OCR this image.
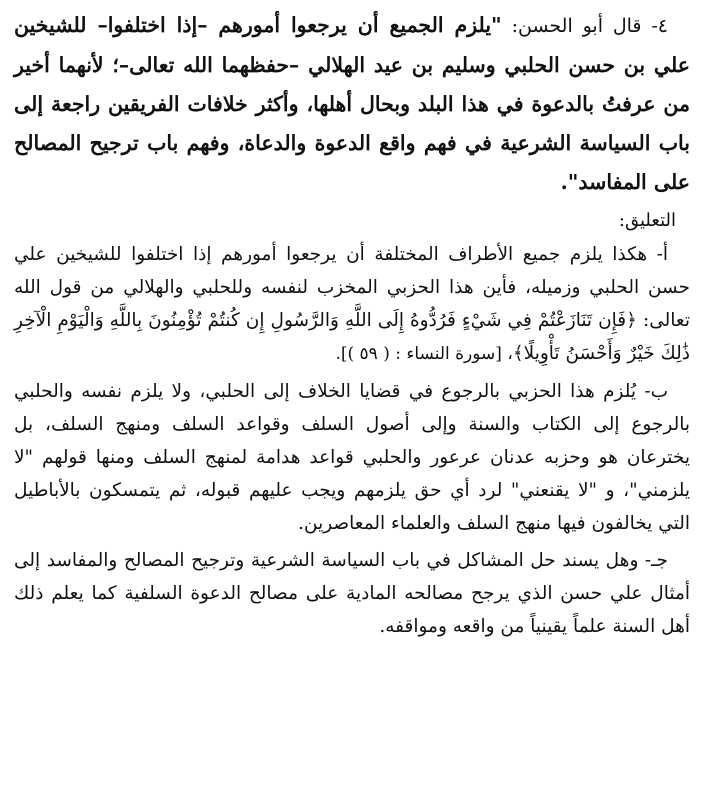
٤- قال أبو الحسن: "يلزم الجميع أن يرجعوا أمورهم –إذا اختلفوا– للشيخين علي بن حسن الحلبي وسليم بن عيد الهلالي –حفظهما الله تعالى–؛ لأنهما أخير من عرفتُ بالدعوة في هذا البلد وبحال أهلها، وأكثر خلافات الفريقين راجعة إلى باب السياسة الشرعية في فهم واقع الدعوة والدعاة، وفهم باب ترجيح المصالح على المفاسد".

التعليق:

أ- هكذا يلزم جميع الأطراف المختلفة أن يرجعوا أمورهم إذا اختلفوا للشيخين علي حسن الحلبي وزميله، فأين هذا الحزبي المخزب لنفسه وللحلبي والهلالي من قول الله تعالى: ﴿فَإِن تَنَازَعْتُمْ فِي شَيْءٍ فَرُدُّوهُ إِلَى اللَّهِ وَالرَّسُولِ إِن كُنتُمْ تُؤْمِنُونَ بِاللَّهِ وَالْيَوْمِ الْآخِرِ ذَٰلِكَ خَيْرٌ وَأَحْسَنُ تَأْوِيلًا﴾، [سورة النساء : ( ٥٩ )].

ب- يُلزم هذا الحزبي بالرجوع في قضايا الخلاف إلى الحلبي، ولا يلزم نفسه والحلبي بالرجوع إلى الكتاب والسنة وإلى أصول السلف وقواعد السلف ومنهج السلف، بل يخترعان هو وحزبه عدنان عرعور والحلبي قواعد هدامة لمنهج السلف ومنها قولهم "لا يلزمني"، و "لا يقنعني" لرد أي حق يلزمهم ويجب عليهم قبوله، ثم يتمسكون بالأباطيل التي يخالفون فيها منهج السلف والعلماء المعاصرين.

جـ- وهل يسند حل المشاكل في باب السياسة الشرعية وترجيح المصالح والمفاسد إلى أمثال علي حسن الذي يرجح مصالحه المادية على مصالح الدعوة السلفية كما يعلم ذلك أهل السنة علماً يقينياً من واقعه ومواقفه.
